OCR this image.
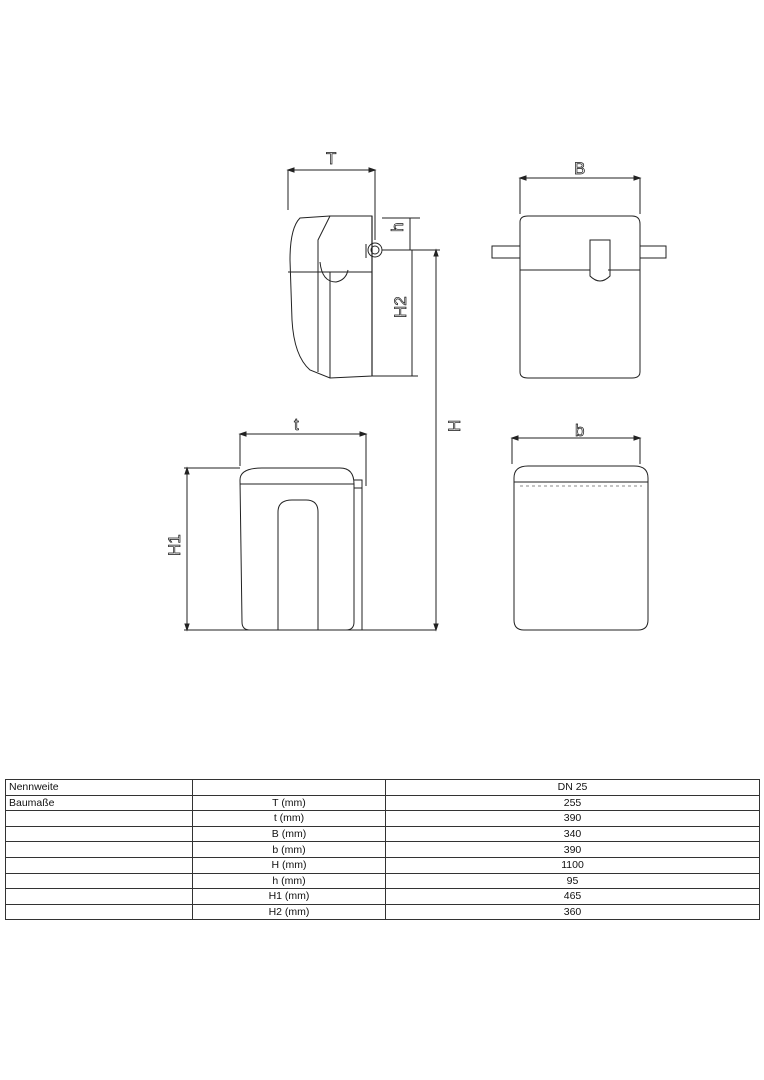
T
B
h
H2
H
t	b
H1
Nennweite		DN 25
Baumaße	T (mm)	255
	t (mm)	390
	B (mm)	340
	b (mm)	390
	H (mm)	1100
	h (mm)	95
	H1 (mm)	465
	H2 (mm)	360
